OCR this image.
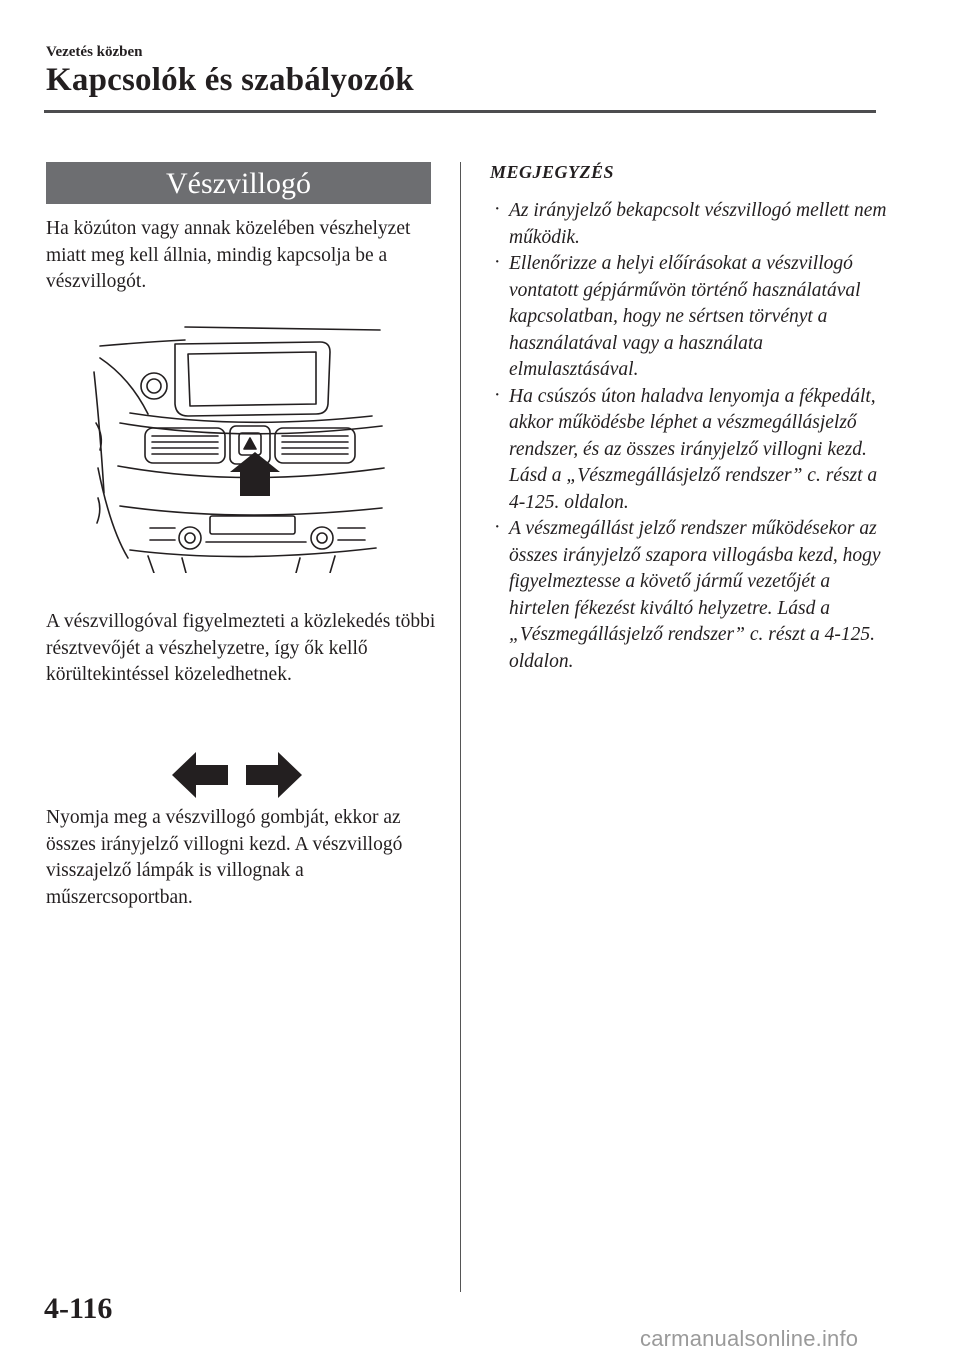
Vezetés közben
Kapcsolók és szabályozók
Vészvillogó
Ha közúton vagy annak közelében vészhelyzet miatt meg kell állnia, mindig kapcsolja be a vészvillogót.
A vészvillogóval figyelmezteti a közlekedés többi résztvevőjét a vészhelyzetre, így ők kellő körültekintéssel közeledhetnek.
Nyomja meg a vészvillogó gombját, ekkor az összes irányjelző villogni kezd. A vészvillogó visszajelző lámpák is villognak a műszercsoportban.
MEGJEGYZÉS
· Az irányjelző bekapcsolt vészvillogó mellett nem működik.
· Ellenőrizze a helyi előírásokat a vészvillogó vontatott gépjárművön történő használatával kapcsolatban, hogy ne sértsen törvényt a használatával vagy a használata elmulasztásával.
· Ha csúszós úton haladva lenyomja a fékpedált, akkor működésbe léphet a vészmegállásjelző rendszer, és az összes irányjelző villogni kezd. Lásd a „Vészmegállásjelző rendszer” c. részt a 4-125. oldalon.
· A vészmegállást jelző rendszer működésekor az összes irányjelző szapora villogásba kezd, hogy figyelmeztesse a követő jármű vezetőjét a hirtelen fékezést kiváltó helyzetre. Lásd a „Vészmegállásjelző rendszer” c. részt a 4-125. oldalon.
4-116
carmanualsonline.info
